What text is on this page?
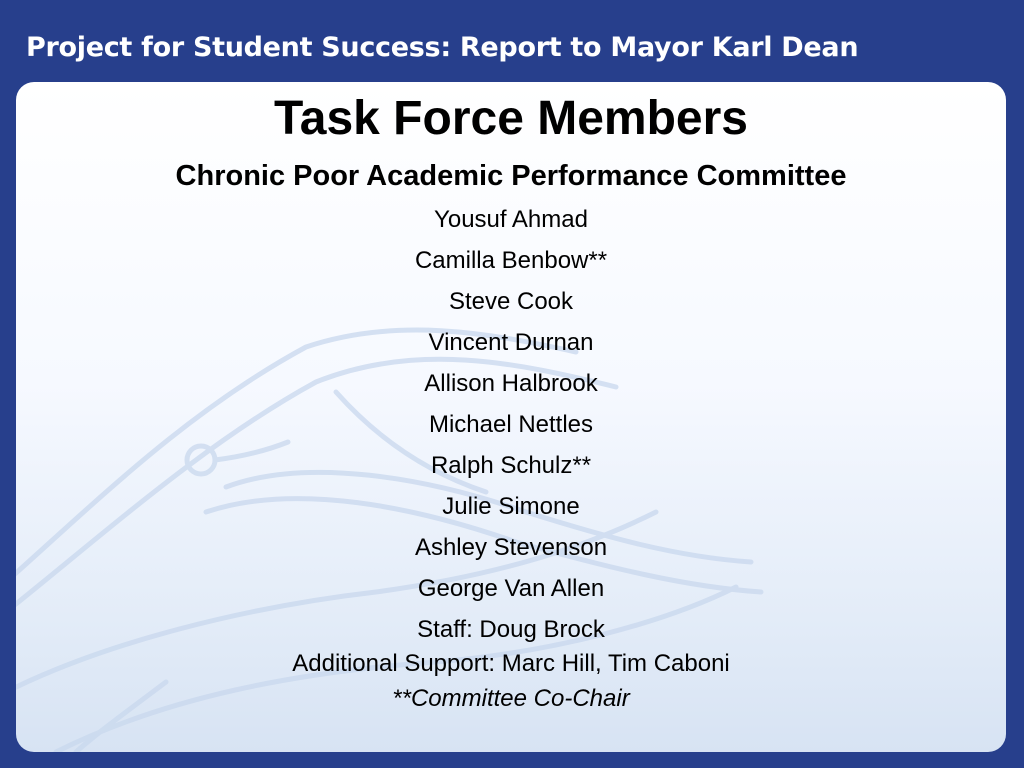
Project for Student Success: Report to Mayor Karl Dean
Task Force Members
Chronic Poor Academic Performance Committee
Yousuf Ahmad
Camilla Benbow**
Steve Cook
Vincent Durnan
Allison Halbrook
Michael Nettles
Ralph Schulz**
Julie Simone
Ashley Stevenson
George Van Allen
Staff: Doug Brock
Additional Support: Marc Hill, Tim Caboni
**Committee Co-Chair
